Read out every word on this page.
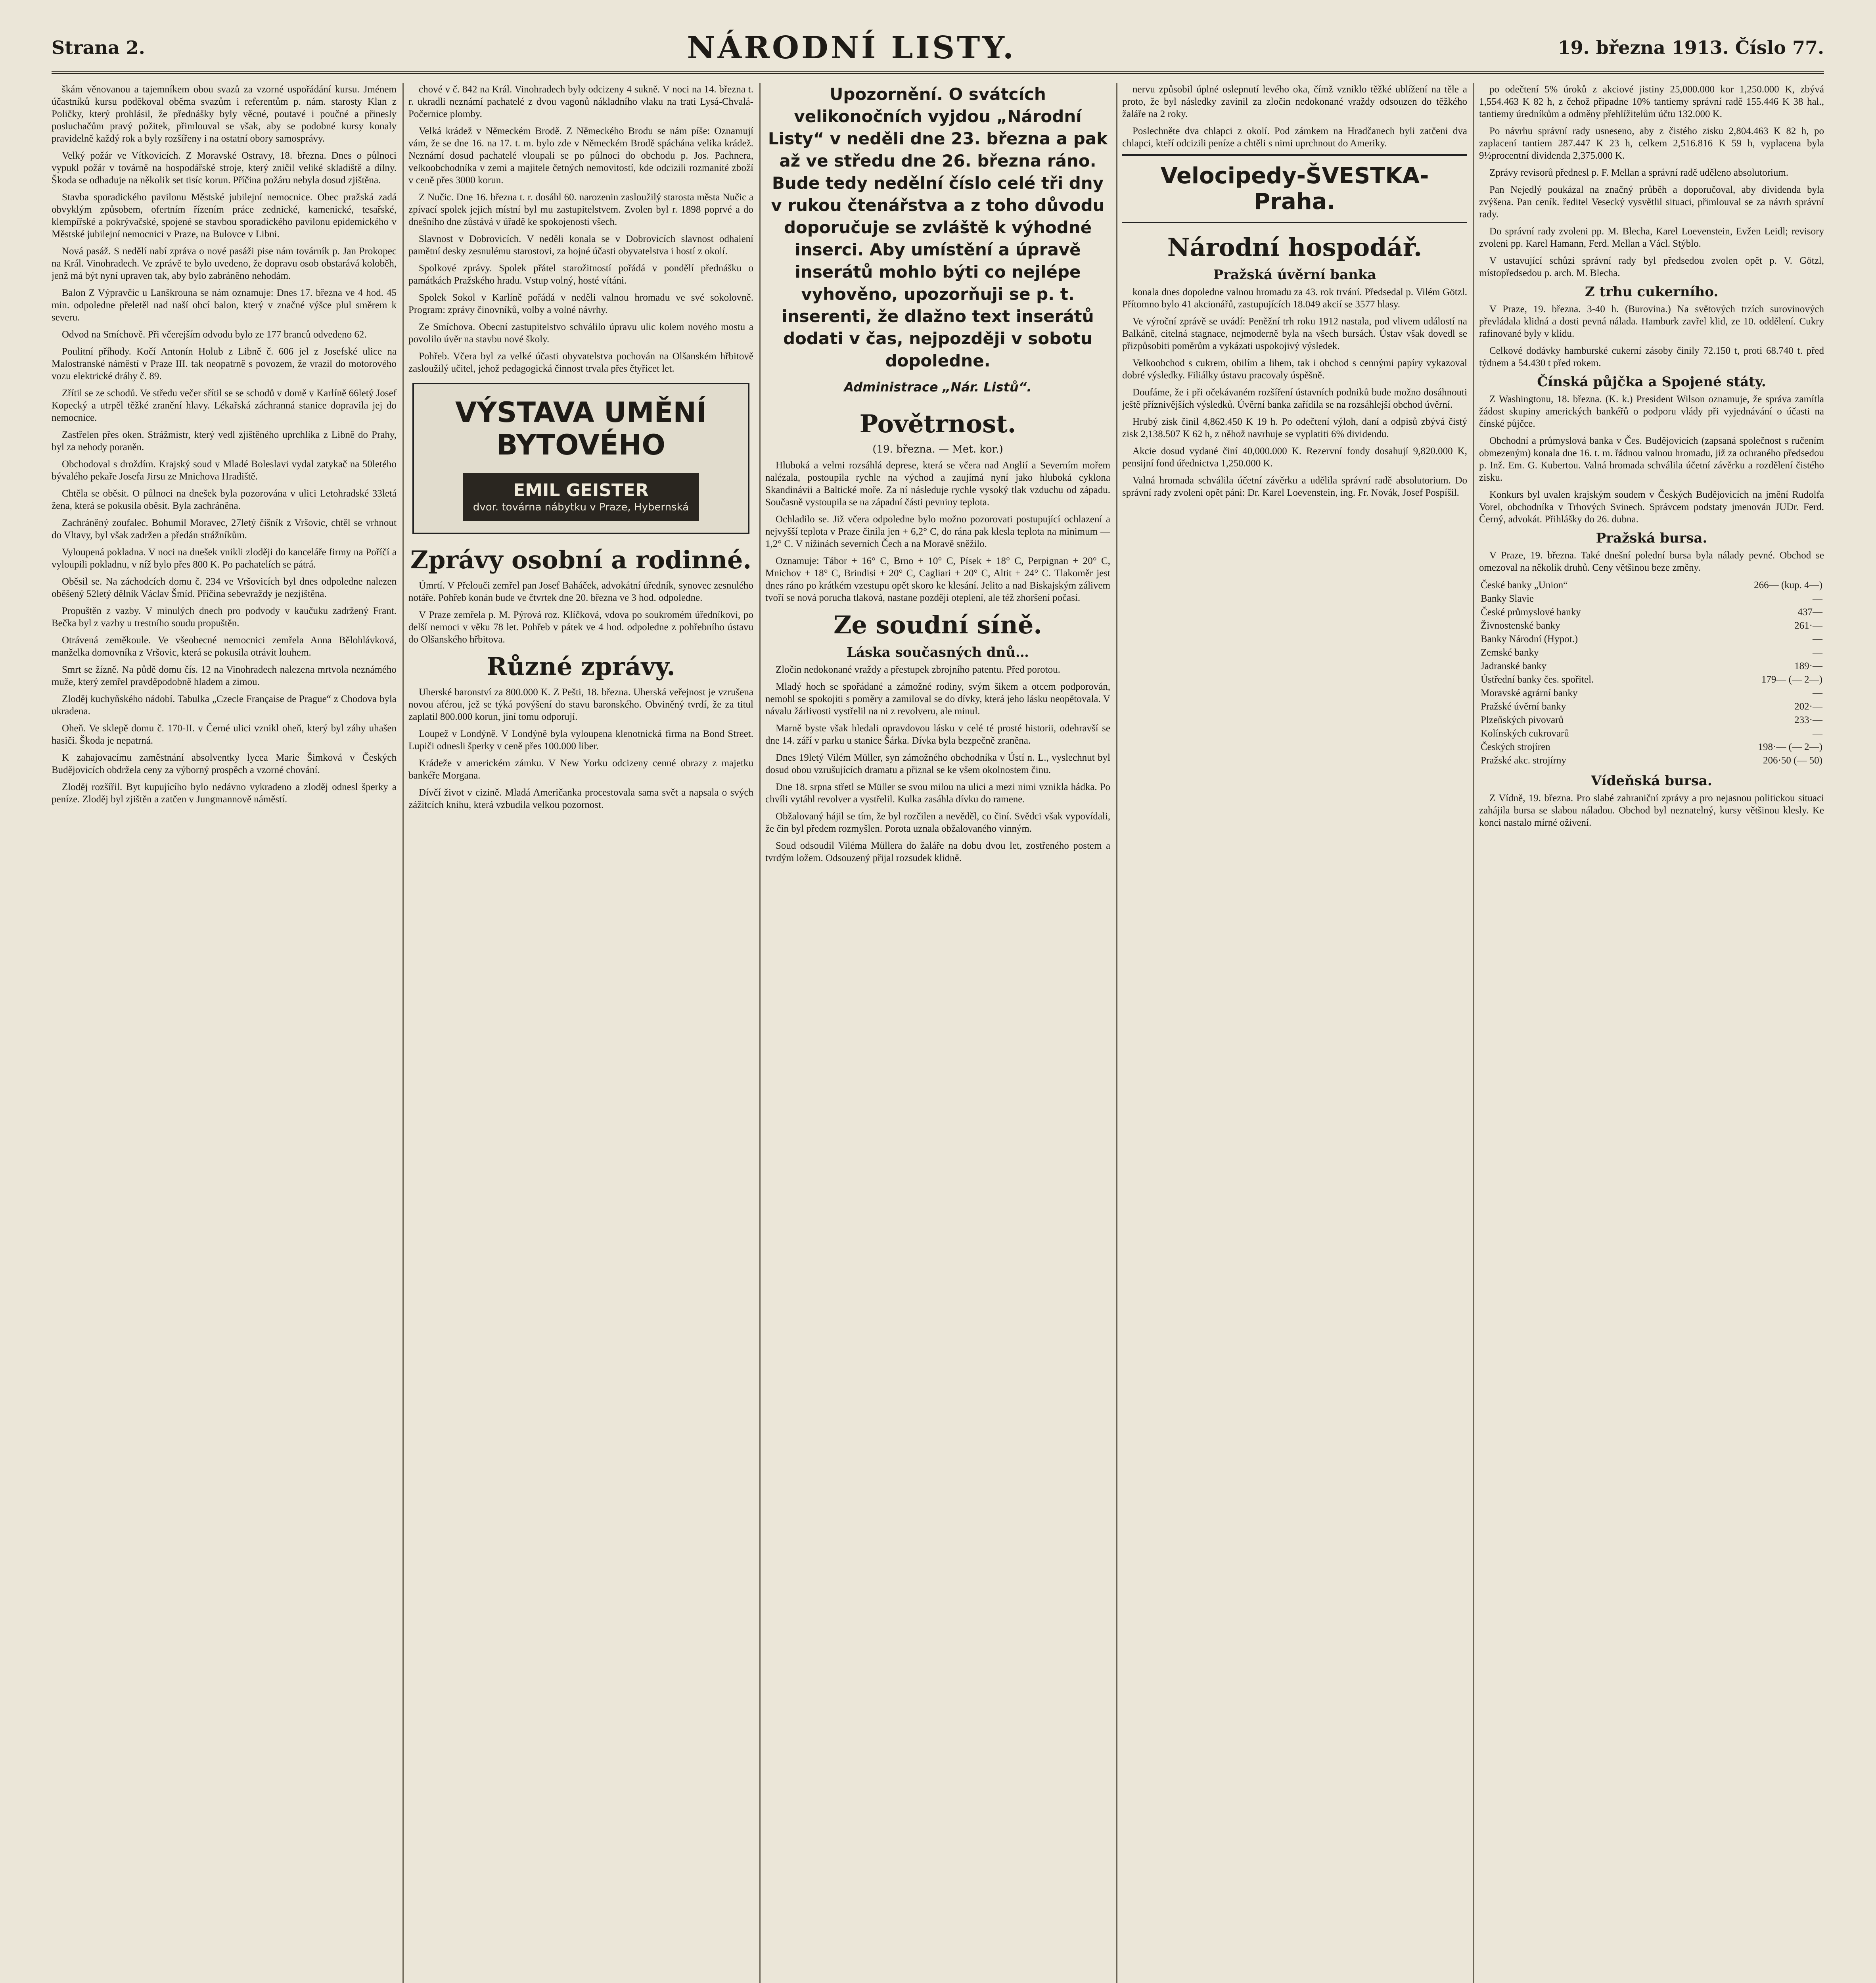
Strana 2.	NÁRODNÍ LISTY.	19. března 1913. Číslo 77.

škám věnovanou a tajemníkem obou svazů za vzorné uspořádání kursu. Jménem účastníků kursu poděkoval oběma svazům i referentům p. nám. starosty Klan z Poličky, který prohlásil, že přednášky byly věcné, poutavé i poučné a přinesly posluchačům pravý požitek, přimlouval se však, aby se podobné kursy konaly pravidelně každý rok a byly rozšířeny i na ostatní obory samosprávy.

Velký požár ve Vítkovicích. Z Moravské Ostravy, 18. března. Dnes o půlnoci vypukl požár v továrně na hospodářské stroje, který zničil veliké skladiště a dílny. Škoda se odhaduje na několik set tisíc korun. Příčina požáru nebyla dosud zjištěna.

Stavba sporadického pavilonu Městské jubilejní nemocnice. Obec pražská zadá obvyklým způsobem, ofertním řízením práce zednické, kamenické, tesařské, klempířské a pokrývačské, spojené se stavbou sporadického pavilonu epidemického v Městské jubilejní nemocnici v Praze, na Bulovce v Libni.

Nová pasáž. S nedělí nabí zpráva o nové pasáži pise nám továrník p. Jan Prokopec na Král. Vinohradech. Ve zprávě te bylo uvedeno, že dopravu osob obstarává koloběh, jenž má být nyní upraven tak, aby bylo zabráněno nehodám.

Balon Z Výpravčic u Lanškrouna se nám oznamuje: Dnes 17. března ve 4 hod. 45 min. odpoledne přeletěl nad naší obcí balon, který v značné výšce plul směrem k severu.

Odvod na Smíchově. Při včerejším odvodu bylo ze 177 branců odvedeno 62.

Poulitní příhody. Kočí Antonín Holub z Libně č. 606 jel z Josefské ulice na Malostranské náměstí v Praze III. tak neopatrně s povozem, že vrazil do motorového vozu elektrické dráhy č. 89.

Zřítil se ze schodů. Ve středu večer sřítil se se schodů v domě v Karlíně 66letý Josef Kopecký a utrpěl těžké zranění hlavy. Lékařská záchranná stanice dopravila jej do nemocnice.

Zastřelen přes oken. Strážmistr, který vedl zjištěného uprchlíka z Libně do Prahy, byl za nehody poraněn.

Obchodoval s droždím. Krajský soud v Mladé Boleslavi vydal zatykač na 50letého bývalého pekaře Josefa Jirsu ze Mnichova Hradiště.

Chtěla se oběsit. O půlnoci na dnešek byla pozorována v ulici Letohradské 33letá žena, která se pokusila oběsit. Byla zachráněna.

Zachráněný zoufalec. Bohumil Moravec, 27letý číšník z Vršovic, chtěl se vrhnout do Vltavy, byl však zadržen a předán strážníkům.

Vyloupená pokladna. V noci na dnešek vnikli zloději do kanceláře firmy na Poříčí a vyloupili pokladnu, v níž bylo přes 800 K. Po pachatelích se pátrá.

Oběsil se. Na záchodcích domu č. 234 ve Vršovicích byl dnes odpoledne nalezen oběšený 52letý dělník Václav Šmíd. Příčina sebevraždy je nezjištěna.

Propuštěn z vazby. V minulých dnech pro podvody v kaučuku zadržený Frant. Bečka byl z vazby u trestního soudu propuštěn.

Otrávená zeměkoule. Ve všeobecné nemocnici zemřela Anna Bělohlávková, manželka domovníka z Vršovic, která se pokusila otrávit louhem.

Smrt se žízně. Na půdě domu čís. 12 na Vinohradech nalezena mrtvola neznámého muže, který zemřel pravděpodobně hladem a zimou.

Zloděj kuchyňského nádobí. Tabulka „Czecle Française de Prague“ z Chodova byla ukradena.

Oheň. Ve sklepě domu č. 170-II. v Černé ulici vznikl oheň, který byl záhy uhašen hasiči. Škoda je nepatrná.

K zahajovacímu zaměstnání absolventky lycea Marie Šimková v Českých Budějovicích obdržela ceny za výborný prospěch a vzorné chování.

Zloděj rozšířil. Byt kupujícího bylo nedávno vykradeno a zloděj odnesl šperky a peníze. Zloděj byl zjištěn a zatčen v Jungmannově náměstí.

chové v č. 842 na Král. Vinohradech byly odcizeny 4 sukně. V noci na 14. března t. r. ukradli neznámí pachatelé z dvou vagonů nákladního vlaku na trati Lysá-Chvalá-Počernice plomby.

Velká krádež v Německém Brodě. Z Německého Brodu se nám píše: Oznamují vám, že se dne 16. na 17. t. m. bylo zde v Německém Brodě spáchána velika krádež. Neznámí dosud pachatelé vloupali se po půlnoci do obchodu p. Jos. Pachnera, velkoobchodníka v zemi a majitele četných nemovitostí, kde odcizili rozmanité zboží v ceně přes 3000 korun.

Z Nučic. Dne 16. března t. r. dosáhl 60. narozenin zasloužilý starosta města Nučic a zpívací spolek jejich místní byl mu zastupitelstvem. Zvolen byl r. 1898 poprvé a do dnešního dne zůstává v úřadě ke spokojenosti všech.

Slavnost v Dobrovicích. V neděli konala se v Dobrovicích slavnost odhalení pamětní desky zesnulému starostovi, za hojné účasti obyvatelstva i hostí z okolí.

Spolkové zprávy. Spolek přátel starožitností pořádá v pondělí přednášku o památkách Pražského hradu. Vstup volný, hosté vítáni.

Spolek Sokol v Karlíně pořádá v neděli valnou hromadu ve své sokolovně. Program: zprávy činovníků, volby a volné návrhy.

Ze Smíchova. Obecní zastupitelstvo schválilo úpravu ulic kolem nového mostu a povolilo úvěr na stavbu nové školy.

Pohřeb. Včera byl za velké účasti obyvatelstva pochován na Olšanském hřbitově zasloužilý učitel, jehož pedagogická činnost trvala přes čtyřicet let.

VÝSTAVA UMĚNÍ BYTOVÉHO
EMIL GEISTER
dvor. továrna nábytku v Praze, Hybernská
Zprávy osobní a rodinné.

Úmrtí. V Přelouči zemřel pan Josef Baháček, advokátní úředník, synovec zesnulého notáře. Pohřeb konán bude ve čtvrtek dne 20. března ve 3 hod. odpoledne.

V Praze zemřela p. M. Pýrová roz. Klíčková, vdova po soukromém úředníkovi, po delší nemoci v věku 78 let. Pohřeb v pátek ve 4 hod. odpoledne z pohřebního ústavu do Olšanského hřbitova.

Různé zprávy.

Uherské baronství za 800.000 K. Z Pešti, 18. března. Uherská veřejnost je vzrušena novou aférou, jež se týká povýšení do stavu baronského. Obviněný tvrdí, že za titul zaplatil 800.000 korun, jiní tomu odporují.

Loupež v Londýně. V Londýně byla vyloupena klenotnická firma na Bond Street. Lupiči odnesli šperky v ceně přes 100.000 liber.

Krádeže v americkém zámku. V New Yorku odcizeny cenné obrazy z majetku bankéře Morgana.

Dívčí život v cizině. Mladá Američanka procestovala sama svět a napsala o svých zážitcích knihu, která vzbudila velkou pozornost.

Upozornění. O svátcích velikonočních vyjdou „Národní Listy“ v neděli dne 23. března a pak až ve středu dne 26. března ráno. Bude tedy nedělní číslo celé tři dny v rukou čtenářstva a z toho důvodu doporučuje se zvláště k výhodné inserci. Aby umístění a úpravě inserátů mohlo býti co nejlépe vyhověno, upozorňuji se p. t. inserenti, že dlažno text inserátů dodati v čas, nejpozději v sobotu dopoledne.
Administrace „Nár. Listů“.
Povětrnost.
(19. března. — Met. kor.)

Hluboká a velmi rozsáhlá deprese, která se včera nad Anglií a Severním mořem nalézala, postoupila rychle na východ a zaujímá nyní jako hluboká cyklona Skandinávii a Baltické moře. Za ní následuje rychle vysoký tlak vzduchu od západu. Současně vystoupila se na západní části pevniny teplota.

Ochladilo se. Již včera odpoledne bylo možno pozorovati postupující ochlazení a nejvyšší teplota v Praze činila jen + 6,2° C, do rána pak klesla teplota na minimum — 1,2° C. V nížinách severních Čech a na Moravě sněžilo.

Oznamuje: Tábor + 16° C, Brno + 10° C, Písek + 18° C, Perpignan + 20° C, Mnichov + 18° C, Brindisi + 20° C, Cagliari + 20° C, Altit + 24° C. Tlakoměr jest dnes ráno po krátkém vzestupu opět skoro ke klesání. Jelito a nad Biskajským zálivem tvoří se nová porucha tlaková, nastane později oteplení, ale též zhoršení počasí.

Ze soudní síně.
Láska současných dnů…

Zločin nedokonané vraždy a přestupek zbrojního patentu. Před porotou.

Mladý hoch se spořádané a zámožné rodiny, svým šikem a otcem podporován, nemohl se spokojiti s poměry a zamiloval se do dívky, která jeho lásku neopětovala. V návalu žárlivosti vystřelil na ni z revolveru, ale minul.

Marně byste však hledali opravdovou lásku v celé té prosté historii, odehravší se dne 14. září v parku u stanice Šárka. Dívka byla bezpečně zraněna.

Dnes 19letý Vilém Müller, syn zámožného obchodníka v Ústí n. L., vyslechnut byl dosud obou vzrušujících dramatu a přiznal se ke všem okolnostem činu.

Dne 18. srpna střetl se Müller se svou milou na ulici a mezi nimi vznikla hádka. Po chvíli vytáhl revolver a vystřelil. Kulka zasáhla dívku do ramene.

Obžalovaný hájil se tím, že byl rozčilen a nevěděl, co činí. Svědci však vypovídali, že čin byl předem rozmyšlen. Porota uznala obžalovaného vinným.

Soud odsoudil Viléma Müllera do žaláře na dobu dvou let, zostřeného postem a tvrdým ložem. Odsouzený přijal rozsudek klidně.

nervu způsobil úplné oslepnutí levého oka, čímž vzniklo těžké ublížení na těle a proto, že byl následky zavinil za zločin nedokonané vraždy odsouzen do těžkého žaláře na 2 roky.

Poslechněte dva chlapci z okolí. Pod zámkem na Hradčanech byli zatčeni dva chlapci, kteří odcizili peníze a chtěli s nimi uprchnout do Ameriky.

Velocipedy-ŠVESTKA-Praha.
Národní hospodář.
Pražská úvěrní banka

konala dnes dopoledne valnou hromadu za 43. rok trvání. Předsedal p. Vilém Götzl. Přítomno bylo 41 akcionářů, zastupujících 18.049 akcií se 3577 hlasy.

Ve výroční zprávě se uvádí: Peněžní trh roku 1912 nastala, pod vlivem událostí na Balkáně, citelná stagnace, nejmoderně byla na všech bursách. Ústav však dovedl se přizpůsobiti poměrům a vykázati uspokojivý výsledek.

Velkoobchod s cukrem, obilím a lihem, tak i obchod s cennými papíry vykazoval dobré výsledky. Filiálky ústavu pracovaly úspěšně.

Doufáme, že i při očekávaném rozšíření ústavních podniků bude možno dosáhnouti ještě příznivějších výsledků. Úvěrní banka zařídila se na rozsáhlejší obchod úvěrní.

Hrubý zisk činil 4,862.450 K 19 h. Po odečtení výloh, daní a odpisů zbývá čistý zisk 2,138.507 K 62 h, z něhož navrhuje se vyplatiti 6% dividendu.

Akcie dosud vydané činí 40,000.000 K. Rezervní fondy dosahují 9,820.000 K, pensijní fond úřednictva 1,250.000 K.

Valná hromada schválila účetní závěrku a udělila správní radě absolutorium. Do správní rady zvoleni opět páni: Dr. Karel Loevenstein, ing. Fr. Novák, Josef Pospíšil.

po odečtení 5% úroků z akciové jistiny 25,000.000 kor 1,250.000 K, zbývá 1,554.463 K 82 h, z čehož připadne 10% tantiemy správní radě 155.446 K 38 hal., tantiemy úredníkům a odměny přehlížitelům účtu 132.000 K.

Po návrhu správní rady usneseno, aby z čistého zisku 2,804.463 K 82 h, po zaplacení tantiem 287.447 K 23 h, celkem 2,516.816 K 59 h, vyplacena byla 9½procentní dividenda 2,375.000 K.

Zprávy revisorů přednesl p. F. Mellan a správní radě uděleno absolutorium.

Pan Nejedlý poukázal na značný průběh a doporučoval, aby dividenda byla zvýšena. Pan ceník. ředitel Vesecký vysvětlil situaci, přimlouval se za návrh správní rady.

Do správní rady zvoleni pp. M. Blecha, Karel Loevenstein, Evžen Leidl; revisory zvoleni pp. Karel Hamann, Ferd. Mellan a Václ. Stýblo.

V ustavující schůzi správní rady byl předsedou zvolen opět p. V. Götzl, místopředsedou p. arch. M. Blecha.

Z trhu cukerního.

V Praze, 19. března. 3-40 h. (Burovina.) Na světových trzích surovinových převládala klidná a dosti pevná nálada. Hamburk zavřel klid, ze 10. oddělení. Cukry rafinované byly v klidu.

Celkové dodávky hamburské cukerní zásoby činily 72.150 t, proti 68.740 t. před týdnem a 54.430 t před rokem.

Čínská půjčka a Spojené státy.

Z Washingtonu, 18. března. (K. k.) President Wilson oznamuje, že správa zamítla žádost skupiny amerických bankéřů o podporu vlády při vyjednávání o účasti na čínské půjčce.

Obchodní a průmyslová banka v Čes. Budějovicích (zapsaná společnost s ručením obmezeným) konala dne 16. t. m. řádnou valnou hromadu, již za ochraného předsedou p. Inž. Em. G. Kubertou. Valná hromada schválila účetní závěrku a rozdělení čistého zisku.

Konkurs byl uvalen krajským soudem v Českých Budějovicích na jmění Rudolfa Vorel, obchodníka v Trhových Svinech. Správcem podstaty jmenován JUDr. Ferd. Černý, advokát. Přihlášky do 26. dubna.

Pražská bursa.

V Praze, 19. března. Také dnešní polední bursa byla nálady pevné. Obchod se omezoval na několik druhů. Ceny většinou beze změny.

České banky „Union“	266— (kup. 4—)
Banky Slavie	—
České průmyslové banky	437—
Živnostenské banky	261·—
Banky Národní (Hypot.)	—
Zemské banky	—
Jadranské banky	189·—
Ústřední banky čes. spořitel.	179— (— 2—)
Moravské agrární banky	—
Pražské úvěrní banky	202·—
Plzeňských pivovarů	233·—
Kolínských cukrovarů	—
Českých strojíren	198·— (— 2—)
Pražské akc. strojírny	206·50 (— 50)
Vídeňská bursa.

Z Vídně, 19. března. Pro slabé zahraniční zprávy a pro nejasnou politickou situaci zahájila bursa se slabou náladou. Obchod byl neznatelný, kursy většinou klesly. Ke konci nastalo mírné oživení.
